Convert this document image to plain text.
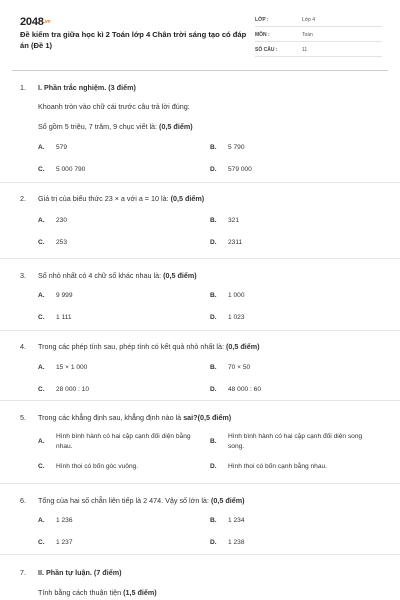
2048.vn
Đề kiểm tra giữa học kì 2 Toán lớp 4 Chân trời sáng tạo có đáp án (Đề 1)
LỚP :	Lớp 4
MÔN :	Toán
SỐ CÂU :	11
1. I. Phần trắc nghiệm. (3 điểm)
Khoanh tròn vào chữ cái trước câu trả lời đúng:
Số gồm 5 triệu, 7 trăm, 9 chục viết là: (0,5 điểm)
A. 579	B. 5 790
C. 5 000 790	D. 579 000
2. Giá trị của biểu thức 23 × a với a = 10 là: (0,5 điểm)
A. 230	B. 321
C. 253	D. 2311
3. Số nhỏ nhất có 4 chữ số khác nhau là: (0,5 điểm)
A. 9 999	B. 1 000
C. 1 111	D. 1 023
4. Trong các phép tính sau, phép tính có kết quả nhỏ nhất là: (0,5 điểm)
A. 15 × 1 000	B. 70 × 50
C. 28 000 : 10	D. 48 000 : 60
5. Trong các khẳng định sau, khẳng định nào là sai?(0,5 điểm)
A.
Hình bình hành có hai cặp cạnh đối diện bằng nhau.
B.
Hình bình hành có hai cặp cạnh đối diện song song.
C. Hình thoi có bốn góc vuông.	D. Hình thoi có bốn cạnh bằng nhau.
6. Tổng của hai số chẵn liên tiếp là 2 474. Vậy số lớn là: (0,5 điểm)
A. 1 236	B. 1 234
C. 1 237	D. 1 238
7. II. Phần tự luận. (7 điểm)
Tính bằng cách thuận tiện (1,5 điểm)
